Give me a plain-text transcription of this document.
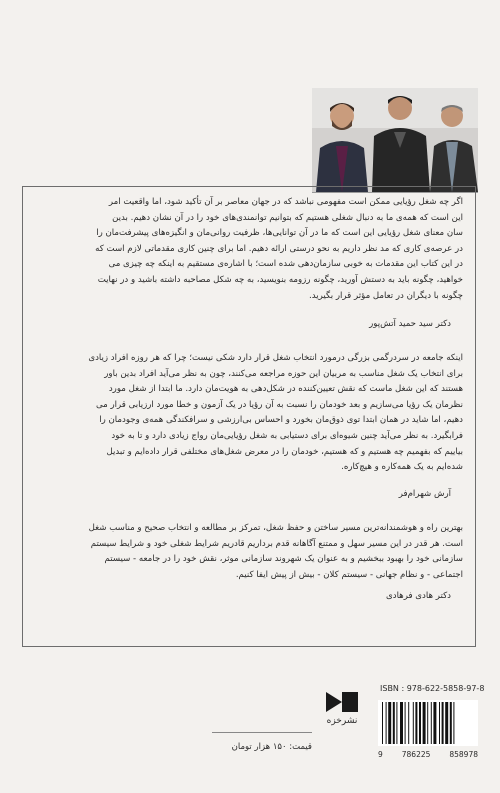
اگر چه شغل رؤیایی ممکن است مفهومی نباشد که در جهان معاصر بر آن تأکید شود، اما واقعیت امر
این است که همه‌ی ما به دنبال شغلی هستیم که بتوانیم توانمندی‌های خود را در آن نشان دهیم. بدین
سان معنای شغل رؤیایی این است که ما در آن توانایی‌ها، ظرفیت روانی‌مان و انگیزه‌های پیشرفت‌مان را
در عرصه‌ی کاری که مد نظر داریم به نحو درستی ارائه دهیم. اما برای چنین کاری مقدماتی لازم است که
در این کتاب این مقدمات به خوبی سازمان‌دهی شده است؛ با اشاره‌ی مستقیم به اینکه چه چیزی می
خواهید، چگونه باید به دستش آورید، چگونه رزومه بنویسید، به چه شکل مصاحبه داشته باشید و در نهایت
چگونه با دیگران در تعامل مؤثر قرار بگیرید.
دکتر سید حمید آتش‌پور
اینکه جامعه در سردرگمی بزرگی درمورد انتخاب شغل قرار دارد شکی نیست؛ چرا که هر روزه افراد زیادی
برای انتخاب یک شغل مناسب به مربیان این حوزه مراجعه می‌کنند، چون به نظر می‌آید افراد بدین باور
هستند که این شغل ماست که نقش تعیین‌کننده در شکل‌دهی به هویت‌مان دارد. ما ابتدا از شغل مورد
نظرمان یک رؤیا می‌سازیم و بعد خودمان را نسبت به آن رؤیا در یک آزمون و خطا مورد ارزیابی قرار می
دهیم، اما شاید در همان ابتدا توی ذوق‌مان بخورد و احساس بی‌ارزشی و سرافکندگی همه‌ی وجودمان را
فرابگیرد. به نظر می‌آید چنین شیوه‌ای برای دستیابی به شغل رؤیایی‌مان رواج زیادی دارد و تا به خود
بیاییم که بفهمیم چه هستیم و که هستیم، خودمان را در معرض شغل‌های مختلفی قرار داده‌ایم و تبدیل
شده‌ایم به یک همه‌کاره و هیچ‌کاره.
آرش شهرام‌فر
بهترین راه و هوشمندانه‌ترین مسیر ساختن و حفظ شغل، تمرکز بر مطالعه و انتخاب صحیح و مناسب شغل
است. هر قدر در این مسیر سهل و ممتنع آگاهانه قدم برداریم قادریم شرایط شغلی خود و شرایط سیستم
سازمانی خود را بهبود ببخشیم و به عنوان یک شهروند سازمانی موثر، نقش خود را در جامعه - سیستم
اجتماعی - و نظام جهانی - سیستم کلان - بیش از پیش ایفا کنیم.
دکتر هادی فرهادی
نشرخزه
ISBN : 978-622-5858-97-8
9	786225	858978
قیمت: ۱۵۰ هزار تومان
